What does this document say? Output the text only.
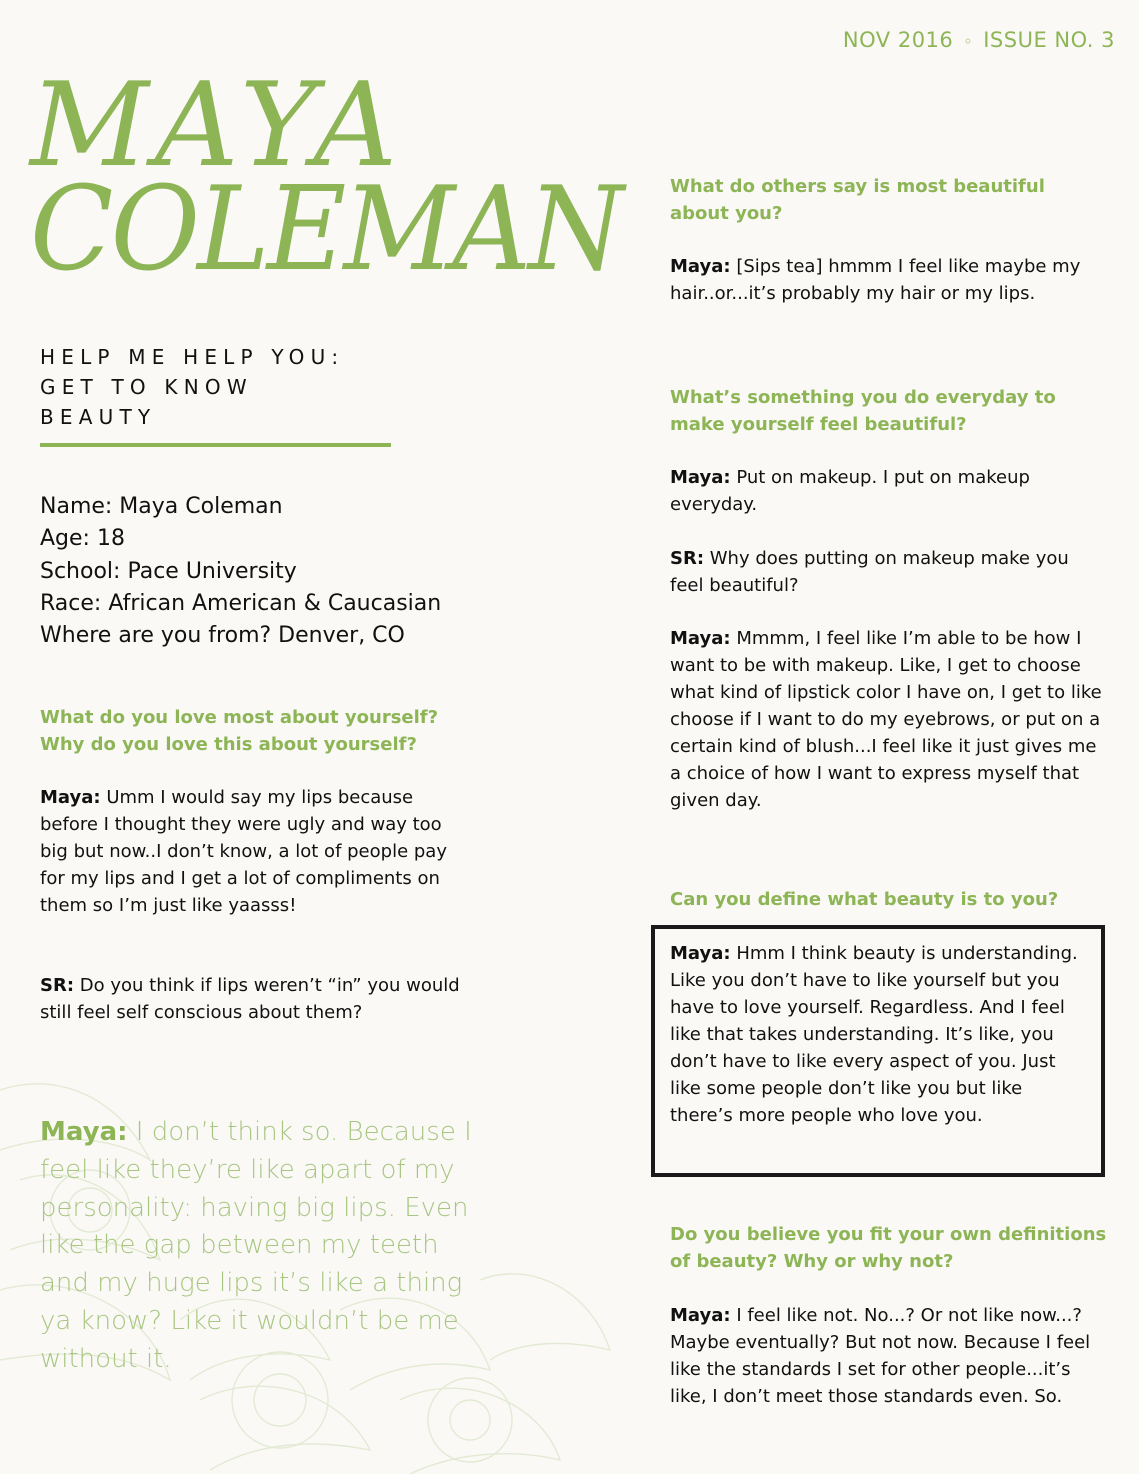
NOV 2016 ◦ ISSUE NO. 3
MAYA
COLEMAN
HELP ME HELP YOU:
GET TO KNOW
BEAUTY
Name: Maya Coleman
Age: 18
School: Pace University
Race: African American & Caucasian
Where are you from? Denver, CO
What do you love most about yourself? Why do you love this about yourself?
Maya: Umm I would say my lips because before I thought they were ugly and way too big but now..I don’t know, a lot of people pay for my lips and I get a lot of compliments on them so I’m just like yaasss!
SR: Do you think if lips weren’t “in” you would still feel self conscious about them?
Maya: I don’t think so. Because I feel like they’re like apart of my personality: having big lips. Even like the gap between my teeth and my huge lips it’s like a thing ya know? Like it wouldn’t be me without it.
What do others say is most beautiful about you?
Maya: [Sips tea] hmmm I feel like maybe my hair..or...it’s probably my hair or my lips.
What’s something you do everyday to make yourself feel beautiful?
Maya: Put on makeup. I put on makeup everyday.
SR: Why does putting on makeup make you feel beautiful?
Maya: Mmmm, I feel like I’m able to be how I want to be with makeup. Like, I get to choose what kind of lipstick color I have on, I get to like choose if I want to do my eyebrows, or put on a certain kind of blush...I feel like it just gives me a choice of how I want to express myself that given day.
Can you define what beauty is to you?
Maya: Hmm I think beauty is understanding. Like you don’t have to like yourself but you have to love yourself. Regardless. And I feel like that takes understanding. It’s like, you don’t have to like every aspect of you. Just like some people don’t like you but like there’s more people who love you.
Do you believe you fit your own definitions of beauty? Why or why not?
Maya: I feel like not. No...? Or not like now...? Maybe eventually? But not now. Because I feel like the standards I set for other people...it’s like, I don’t meet those standards even. So.
